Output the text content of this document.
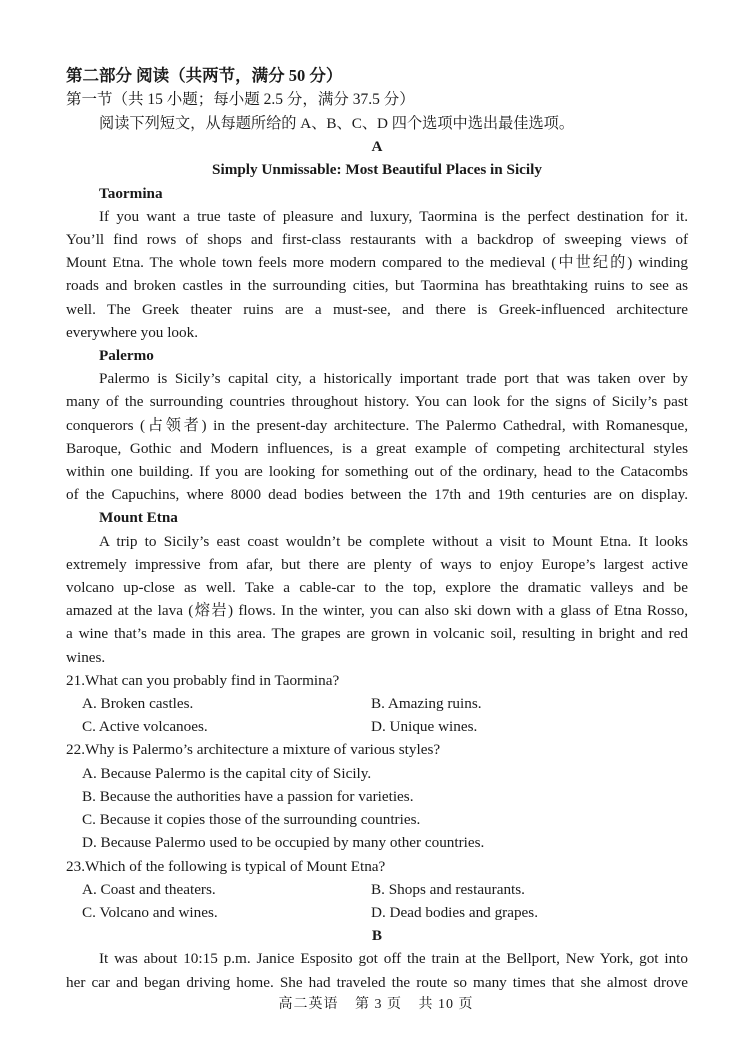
第二部分 阅读（共两节，满分 50 分）
第一节（共 15 小题；每小题 2.5 分，满分 37.5 分）
阅读下列短文，从每题所给的 A、B、C、D 四个选项中选出最佳选项。
A
Simply Unmissable: Most Beautiful Places in Sicily
Taormina
If you want a true taste of pleasure and luxury, Taormina is the perfect destination for it.
You’ll find rows of shops and first-class restaurants with a backdrop of sweeping views of
Mount Etna. The whole town feels more modern compared to the medieval (中世纪的) winding
roads and broken castles in the surrounding cities, but Taormina has breathtaking ruins to see as
well. The Greek theater ruins are a must-see, and there is Greek-influenced architecture
everywhere you look.
Palermo
Palermo is Sicily’s capital city, a historically important trade port that was taken over by
many of the surrounding countries throughout history. You can look for the signs of Sicily’s past
conquerors (占领者) in the present-day architecture. The Palermo Cathedral, with Romanesque,
Baroque, Gothic and Modern influences, is a great example of competing architectural styles
within one building. If you are looking for something out of the ordinary, head to the Catacombs
of the Capuchins, where 8000 dead bodies between the 17th and 19th centuries are on display.
Mount Etna
A trip to Sicily’s east coast wouldn’t be complete without a visit to Mount Etna. It looks
extremely impressive from afar, but there are plenty of ways to enjoy Europe’s largest active
volcano up-close as well. Take a cable-car to the top, explore the dramatic valleys and be
amazed at the lava (熔岩) flows. In the winter, you can also ski down with a glass of Etna Rosso,
a wine that’s made in this area. The grapes are grown in volcanic soil, resulting in bright and red
wines.
21.What can you probably find in Taormina?
A. Broken castles.	B. Amazing ruins.
C. Active volcanoes.	D. Unique wines.
22.Why is Palermo’s architecture a mixture of various styles?
A. Because Palermo is the capital city of Sicily.
B. Because the authorities have a passion for varieties.
C. Because it copies those of the surrounding countries.
D. Because Palermo used to be occupied by many other countries.
23.Which of the following is typical of Mount Etna?
A. Coast and theaters.	B. Shops and restaurants.
C. Volcano and wines.	D. Dead bodies and grapes.
B
It was about 10:15 p.m. Janice Esposito got off the train at the Bellport, New York, got into
her car and began driving home. She had traveled the route so many times that she almost drove
高二英语 第 3 页 共 10 页
